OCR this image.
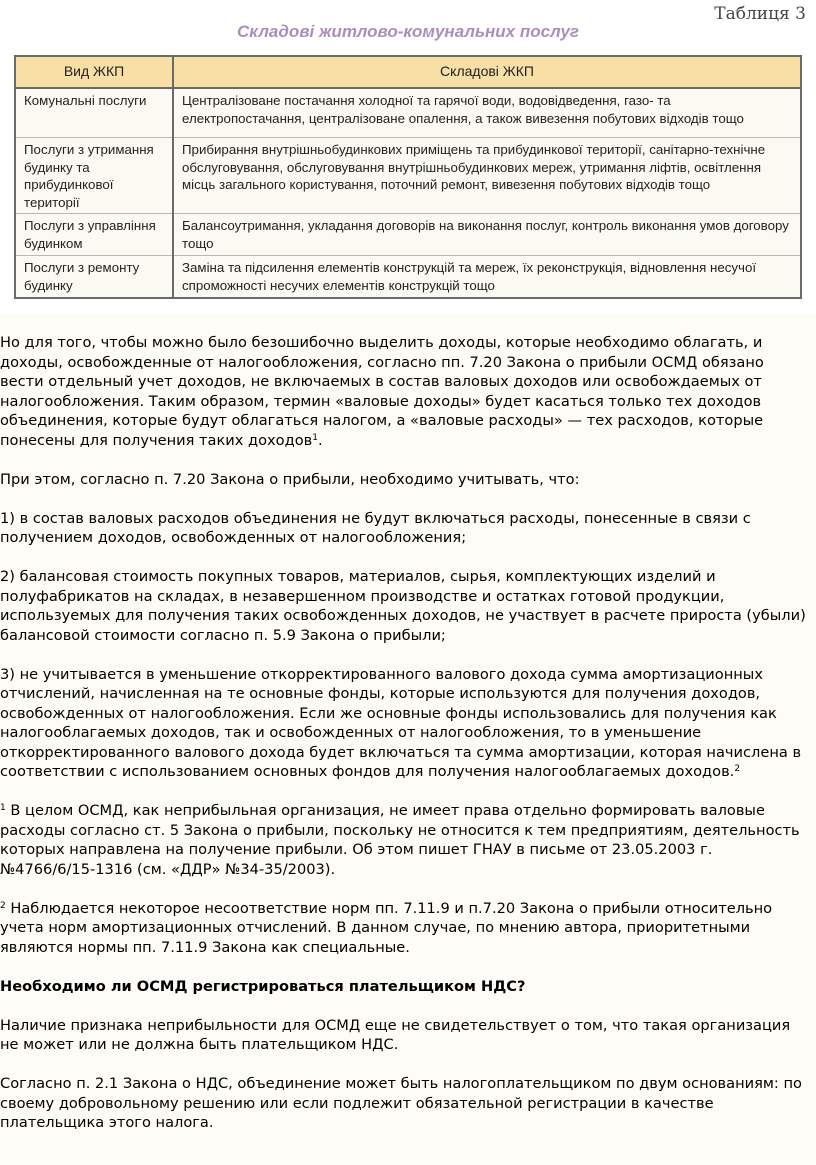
Таблиця 3
Складові житлово-комунальних послуг
Вид ЖКП	Складові ЖКП
Комунальні послуги	Централізоване постачання холодної та гарячої води, водовідведення, газо- та електропостачання, централізоване опалення, а також вивезення побутових відходів тощо
Послуги з утримання будинку та прибудинкової території	Прибирання внутрішньобудинкових приміщень та прибудинкової території, санітарно-технічне обслуговування, обслуговування внутрішньобудинкових мереж, утримання ліфтів, освітлення місць загального користування, поточний ремонт, вивезення побутових відходів тощо
Послуги з управління будинком	Балансоутримання, укладання договорів на виконання послуг, контроль виконання умов договору тощо
Послуги з ремонту будинку	Заміна та підсилення елементів конструкцій та мереж, їх реконструкція, відновлення несучої спроможності несучих елементів конструкцій тощо

Но для того, чтобы можно было безошибочно выделить доходы, которые необходимо облагать, и доходы, освобожденные от налогообложения, согласно пп. 7.20 Закона о прибыли ОСМД обязано вести отдельный учет доходов, не включаемых в состав валовых доходов или освобождаемых от налогообложения. Таким образом, термин «валовые доходы» будет касаться только тех доходов объединения, которые будут облагаться налогом, а «валовые расходы» — тех расходов, которые понесены для получения таких доходов$^1$.

При этом, согласно п. 7.20 Закона о прибыли, необходимо учитывать, что:

1) в состав валовых расходов объединения не будут включаться расходы, понесенные в связи с получением доходов, освобожденных от налогообложения;

2) балансовая стоимость покупных товаров, материалов, сырья, комплектующих изделий и полуфабрикатов на складах, в незавершенном производстве и остатках готовой продукции, используемых для получения таких освобожденных доходов, не участвует в расчете прироста (убыли) балансовой стоимости согласно п. 5.9 Закона о прибыли;

3) не учитывается в уменьшение откорректированного валового дохода сумма амортизационных отчислений, начисленная на те основные фонды, которые используются для получения доходов, освобожденных от налогообложения. Если же основные фонды использовались для получения как налогооблагаемых доходов, так и освобожденных от налогообложения, то в уменьшение откорректированного валового дохода будет включаться та сумма амортизации, которая начислена в соответствии с использованием основных фондов для получения налогооблагаемых доходов.$^2$

$^1$ В целом ОСМД, как неприбыльная организация, не имеет права отдельно формировать валовые расходы согласно ст. 5 Закона о прибыли, поскольку не относится к тем предприятиям, деятельность которых направлена на получение прибыли. Об этом пишет ГНАУ в письме от 23.05.2003 г. №4766/6/15-1316 (см. «ДДР» №34-35/2003).

$^2$ Наблюдается некоторое несоответствие норм пп. 7.11.9 и п.7.20 Закона о прибыли относительно учета норм амортизационных отчислений. В данном случае, по мнению автора, приоритетными являются нормы пп. 7.11.9 Закона как специальные.

Необходимо ли ОСМД регистрироваться плательщиком НДС?

Наличие признака неприбыльности для ОСМД еще не свидетельствует о том, что такая организация не может или не должна быть плательщиком НДС.

Согласно п. 2.1 Закона о НДС, объединение может быть налогоплательщиком по двум основаниям: по своему добровольному решению или если подлежит обязательной регистрации в качестве плательщика этого налога.
